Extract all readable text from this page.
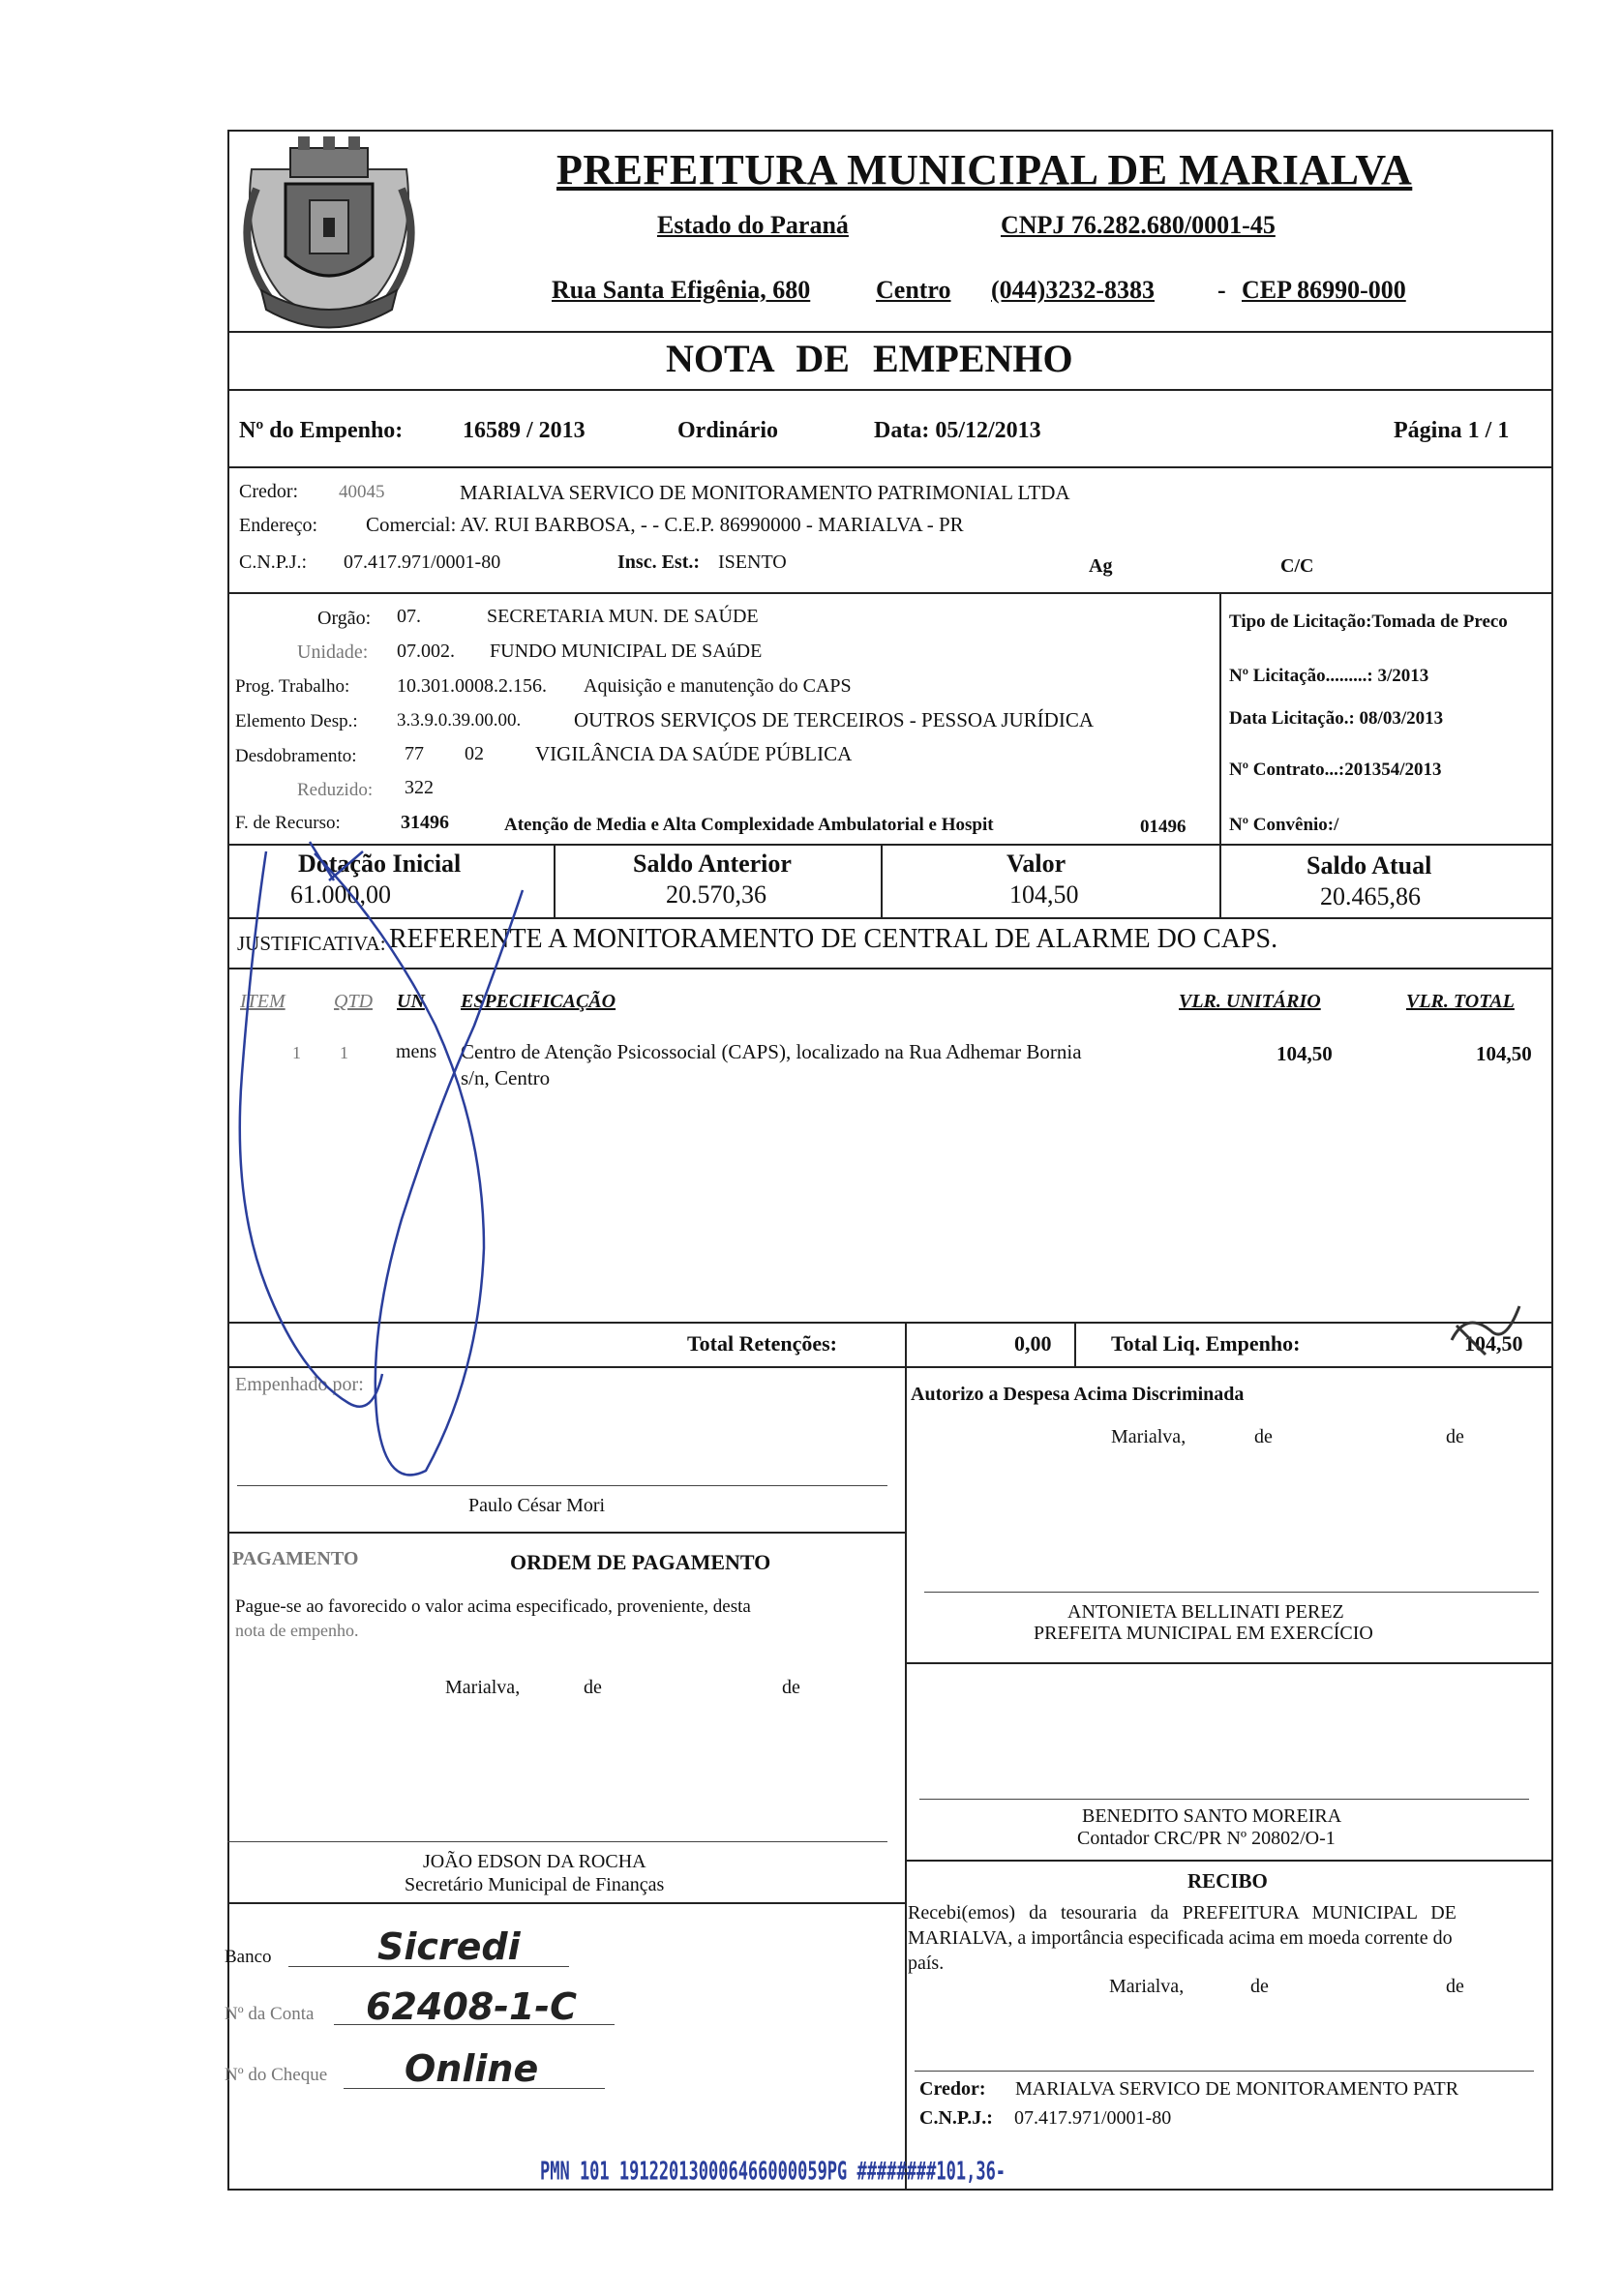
PREFEITURA MUNICIPAL DE MARIALVA
Estado do Paraná	CNPJ 76.282.680/0001-45
Rua Santa Efigênia, 680	Centro (044)3232-8383	- CEP 86990-000
NOTA DE EMPENHO
Nº do Empenho:	16589 / 2013	Ordinário	Data: 05/12/2013	Página 1 / 1
Credor: 40045	MARIALVA SERVICO DE MONITORAMENTO PATRIMONIAL LTDA
Endereço: Comercial: AV. RUI BARBOSA, - - C.E.P. 86990000 - MARIALVA - PR
C.N.P.J.: 07.417.971/0001-80	Insc. Est.: ISENTO	Ag	C/C
Orgão: 07.	SECRETARIA MUN. DE SAÚDE
Unidade: 07.002. FUNDO MUNICIPAL DE SAúDE
Prog. Trabalho: 10.301.0008.2.156. Aquisição e manutenção do CAPS
Elemento Desp.: 3.3.9.0.39.00.00.	OUTROS SERVIÇOS DE TERCEIROS - PESSOA JURÍDICA
Desdobramento: 77 02	VIGILÂNCIA DA SAÚDE PÚBLICA
Reduzido: 322
F. de Recurso:	31496	Atenção de Media e Alta Complexidade Ambulatorial e Hospit	01496
Tipo de Licitação:Tomada de Preco
Nº Licitação.........: 3/2013
Data Licitação.: 08/03/2013
Nº Contrato...:201354/2013
Nº Convênio:/
Dotação Inicial
61.000,00
Saldo Anterior
20.570,36
Valor
104,50
Saldo Atual
20.465,86
JUSTIFICATIVA: REFERENTE A MONITORAMENTO DE CENTRAL DE ALARME DO CAPS.
ITEM	QTD UN ESPECIFICAÇÃO	VLR. UNITÁRIO	VLR. TOTAL
1 1 mens Centro de Atenção Psicossocial (CAPS), localizado na Rua Adhemar Bornia
s/n, Centro
104,50	104,50
Total Retenções:	0,00	Total Liq. Empenho:	104,50
Empenhado por:
Paulo César Mori
Autorizo a Despesa Acima Discriminada
Marialva,	de	de
PAGAMENTO	ORDEM DE PAGAMENTO
Pague-se ao favorecido o valor acima especificado, proveniente, desta
nota de empenho.
Marialva,	de	de
ANTONIETA BELLINATI PEREZ
PREFEITA MUNICIPAL EM EXERCÍCIO
BENEDITO SANTO MOREIRA
Contador CRC/PR Nº 20802/O-1
JOÃO EDSON DA ROCHA
Secretário Municipal de Finanças	RECIBO
Recebi(emos) da tesouraria da PREFEITURA MUNICIPAL DE
MARIALVA, a importância especificada acima em moeda corrente do
país.
Marialva,	de	de
Credor: MARIALVA SERVICO DE MONITORAMENTO PATR
C.N.P.J.: 07.417.971/0001-80
Banco	Sicredi
Nº da Conta 62408-1-C
Nº do Cheque Online
PMN 101 191220130006466000059PG ########101,36-
